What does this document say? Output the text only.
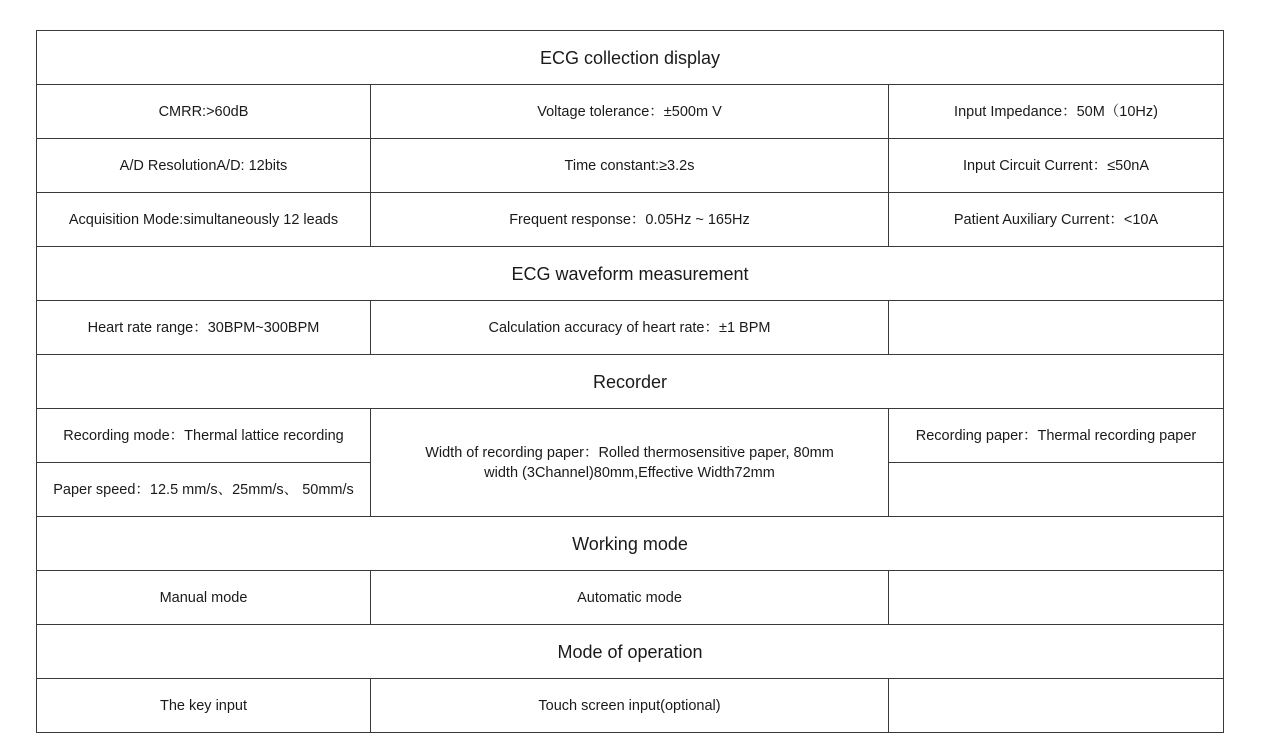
ECG collection display		
CMRR:>60dB	Voltage tolerance：±500m V	Input Impedance：50M（10Hz)
A/D ResolutionA/D: 12bits	Time constant:≥3.2s	Input Circuit Current：≤50nA
Acquisition Mode:simultaneously 12 leads	Frequent response：0.05Hz ~ 165Hz	Patient Auxiliary Current：<10A
ECG waveform measurement		
Heart rate range：30BPM~300BPM	Calculation accuracy of heart rate：±1 BPM	
Recorder		
Recording mode：Thermal lattice recording	Width of recording paper：Rolled thermosensitive paper, 80mm width (3Channel)80mm,Effective Width72mm	Recording paper：Thermal recording paper
Paper speed：12.5 mm/s、25mm/s、 50mm/s		
Working mode		
Manual mode	Automatic mode	
Mode of operation		
The key input	Touch screen input(optional)	
